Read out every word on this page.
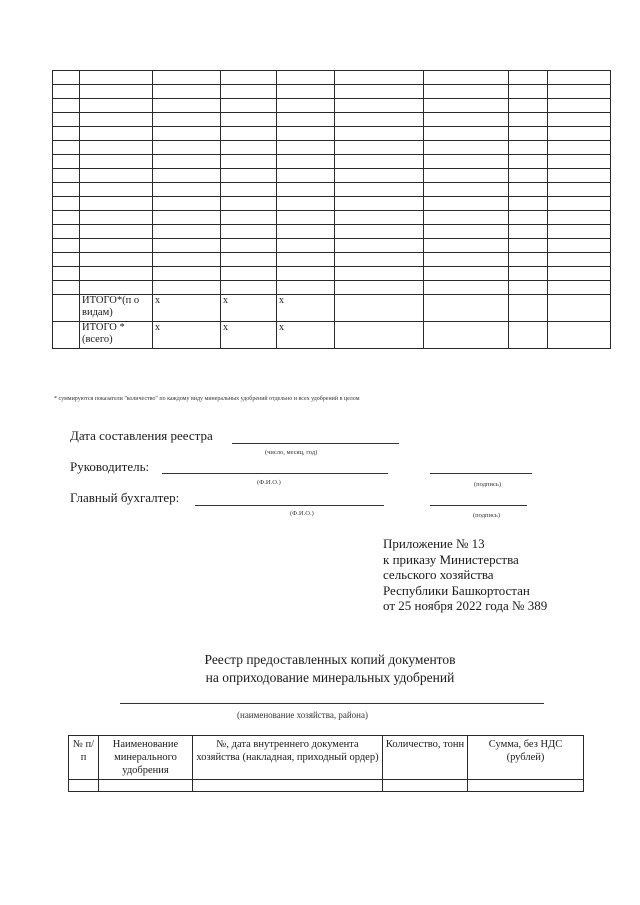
	ИТОГО*(п о видам)	х	х	х				
	ИТОГО *(всего)	х	х	х				
* суммируются показатели "количество" по каждому виду минеральных удобрений отдельно и всех удобрений в целом
Дата составления реестра
(число, месяц, год)
Руководитель:
(Ф.И.О.)	(подпись)
Главный бухгалтер:
(Ф.И.О.)	(подпись)
Приложение № 13
к приказу Министерства
сельского хозяйства
Республики Башкортостан
от 25 ноября 2022 года № 389
Реестр предоставленных копий документов
на оприходование минеральных удобрений
(наименование хозяйства, района)
№ п/п	Наименование минерального удобрения	№, дата внутреннего документа хозяйства (накладная, приходный ордер)	Количество, тонн	Сумма, без НДС (рублей)
